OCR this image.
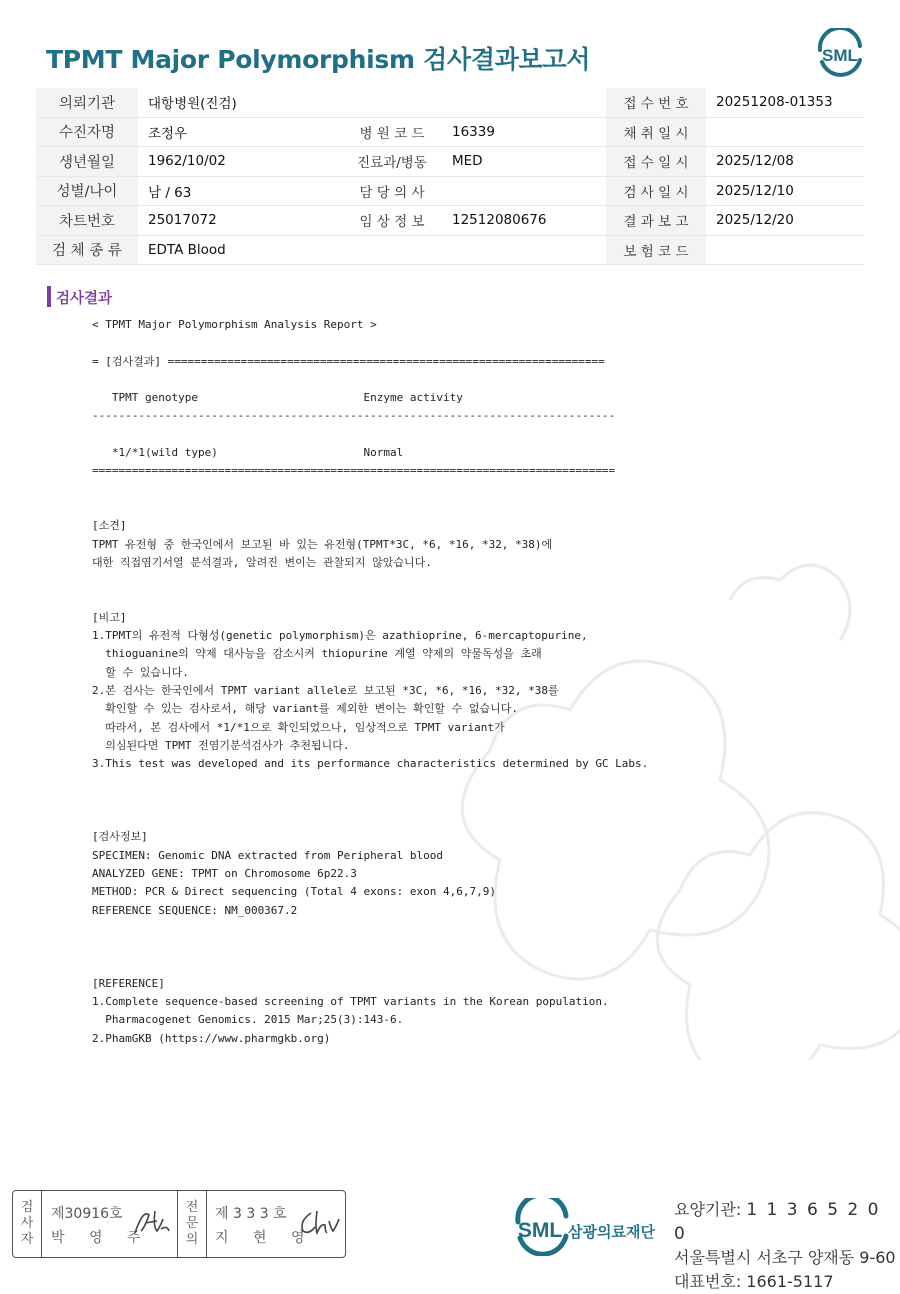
TPMT Major Polymorphism 검사결과보고서	SML
의뢰기관	대항병원(진검)			접 수 번 호	20251208-01353
수진자명	조정우	병 원 코 드	16339	채 취 일 시	
생년월일	1962/10/02	진료과/병동	MED	접 수 일 시	2025/12/08
성별/나이	남 / 63	담 당 의 사		검 사 일 시	2025/12/10
차트번호	25017072	임 상 정 보	12512080676	결 과 보 고	2025/12/20
검 체 종 류	EDTA Blood			보 험 코 드	
검사결과
< TPMT Major Polymorphism Analysis Report >
= [검사결과] ==================================================================
TPMT genotype                         Enzyme activity
-------------------------------------------------------------------------------
*1/*1(wild type)                      Normal
===============================================================================
[소견]
TPMT 유전형 중 한국인에서 보고된 바 있는 유전형(TPMT*3C, *6, *16, *32, *38)에
대한 직접염기서열 분석결과, 알려진 변이는 관찰되지 않았습니다.
[비고]
1.TPMT의 유전적 다형성(genetic polymorphism)은 azathioprine, 6-mercaptopurine,
thioguanine의 약제 대사능을 감소시켜 thiopurine 계열 약제의 약물독성을 초래
할 수 있습니다.
2.본 검사는 한국인에서 TPMT variant allele로 보고된 *3C, *6, *16, *32, *38를
확인할 수 있는 검사로서, 해당 variant를 제외한 변이는 확인할 수 없습니다.
따라서, 본 검사에서 *1/*1으로 확인되었으나, 임상적으로 TPMT variant가
의심된다면 TPMT 전염기분석검사가 추천됩니다.
3.This test was developed and its performance characteristics determined by GC Labs.
[검사정보]
SPECIMEN: Genomic DNA extracted from Peripheral blood
ANALYZED GENE: TPMT on Chromosome 6p22.3
METHOD: PCR & Direct sequencing (Total 4 exons: exon 4,6,7,9)
REFERENCE SEQUENCE: NM_000367.2
[REFERENCE]
1.Complete sequence-based screening of TPMT variants in the Korean population.
Pharmacogenet Genomics. 2015 Mar;25(3):143-6.
2.PhamGKB (https://www.pharmgkb.org)
검
사
자
제30916호
박 영 주
전
문
의
제 3 3 3 호
지 현 영	SML 삼광의료재단
요양기관: 1 1 3 6 5 2 0 0
서울특별시 서초구 양재동 9-60
대표번호: 1661-5117
